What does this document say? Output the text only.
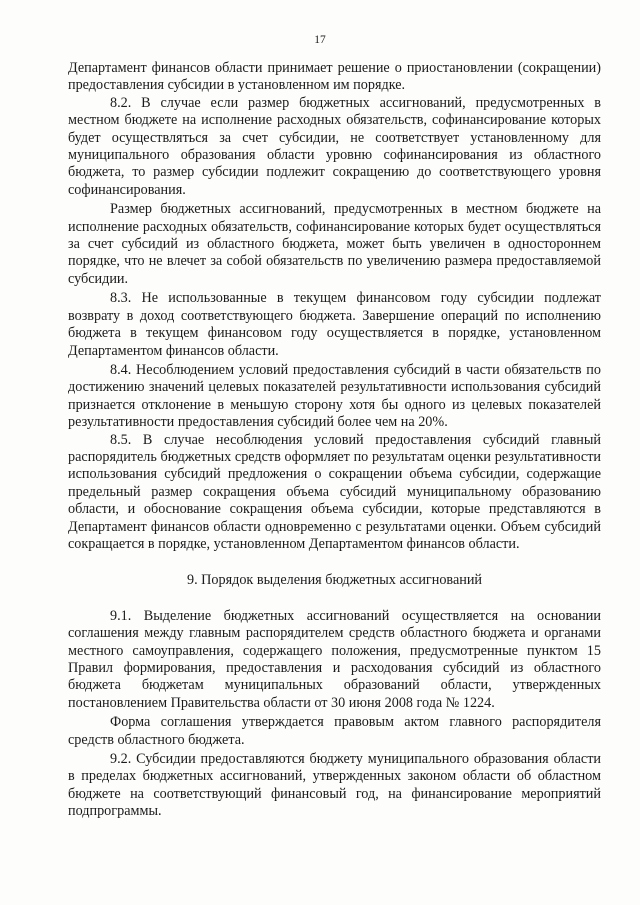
17

Департамент финансов области принимает решение о приостановлении (сокращении) предоставления субсидии в установленном им порядке.

8.2. В случае если размер бюджетных ассигнований, предусмотренных в местном бюджете на исполнение расходных обязательств, софинансирование которых будет осуществляться за счет субсидии, не соответствует установленному для муниципального образования области уровню софинансирования из областного бюджета, то размер субсидии подлежит сокращению до соответствующего уровня софинансирования.

Размер бюджетных ассигнований, предусмотренных в местном бюджете на исполнение расходных обязательств, софинансирование которых будет осуществляться за счет субсидий из областного бюджета, может быть увеличен в одностороннем порядке, что не влечет за собой обязательств по увеличению размера предоставляемой субсидии.

8.3. Не использованные в текущем финансовом году субсидии подлежат возврату в доход соответствующего бюджета. Завершение операций по исполнению бюджета в текущем финансовом году осуществляется в порядке, установленном Департаментом финансов области.

8.4. Несоблюдением условий предоставления субсидий в части обязательств по достижению значений целевых показателей результативности использования субсидий признается отклонение в меньшую сторону хотя бы одного из целевых показателей результативности предоставления субсидий более чем на 20%.

8.5. В случае несоблюдения условий предоставления субсидий главный распорядитель бюджетных средств оформляет по результатам оценки результативности использования субсидий предложения о сокращении объема субсидии, содержащие предельный размер сокращения объема субсидий муниципальному образованию области, и обоснование сокращения объема субсидии, которые представляются в Департамент финансов области одновременно с результатами оценки. Объем субсидий сокращается в порядке, установленном Департаментом финансов области.

9. Порядок выделения бюджетных ассигнований

9.1. Выделение бюджетных ассигнований осуществляется на основании соглашения между главным распорядителем средств областного бюджета и органами местного самоуправления, содержащего положения, предусмотренные пунктом 15 Правил формирования, предоставления и расходования субсидий из областного бюджета бюджетам муниципальных образований области, утвержденных постановлением Правительства области от 30 июня 2008 года № 1224.

Форма соглашения утверждается правовым актом главного распорядителя средств областного бюджета.

9.2. Субсидии предоставляются бюджету муниципального образования области в пределах бюджетных ассигнований, утвержденных законом области об областном бюджете на соответствующий финансовый год, на финансирование мероприятий подпрограммы.
